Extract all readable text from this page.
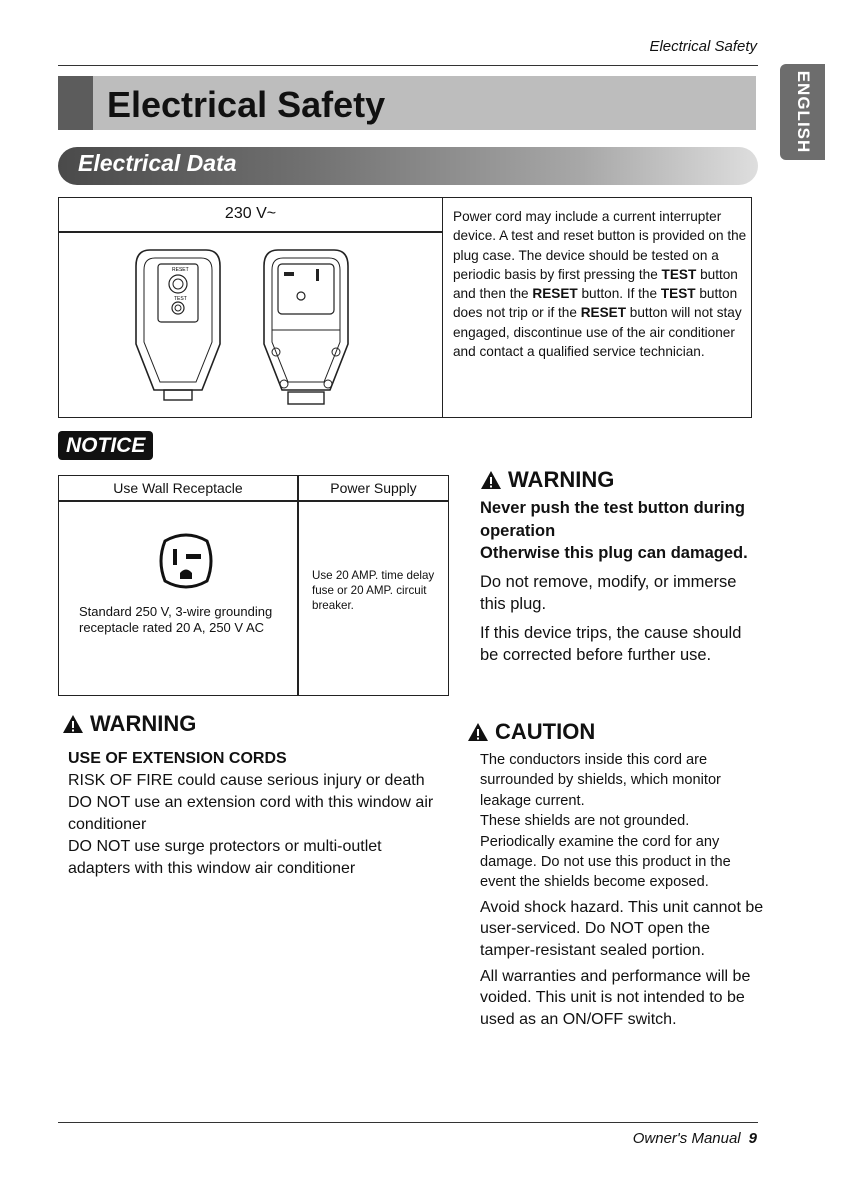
Electrical Safety
ENGLISH
Electrical Safety
Electrical Data
230 V~
RESET
TEST
Power cord may include a current interrupter device. A test and reset button is provided on the plug case. The device should be tested on a periodic basis by first pressing the TEST button and then the RESET button. If the TEST button does not trip or if the RESET button will not stay engaged, discontinue use of the air conditioner and contact a qualified service technician.
NOTICE
Use Wall Receptacle	Power Supply
Standard 250 V, 3-wire grounding receptacle rated 20 A, 250 V AC
Use 20 AMP. time delay fuse or 20 AMP. circuit breaker.
WARNING
Never push the test button during operation
Otherwise this plug can damaged.
Do not remove, modify, or immerse this plug.
If this device trips, the cause should be corrected before further use.
WARNING
USE OF EXTENSION CORDS
RISK OF FIRE could cause serious injury or death
DO NOT use an extension cord with this window air conditioner
DO NOT use surge protectors or multi-outlet adapters with this window air conditioner
CAUTION
The conductors inside this cord are surrounded by shields, which monitor leakage current.
These shields are not grounded.
Periodically examine the cord for any damage. Do not use this product in the event the shields become exposed.
Avoid shock hazard. This unit cannot be user-serviced. Do NOT open the tamper-resistant sealed portion.
All warranties and performance will be voided. This unit is not intended to be used as an ON/OFF switch.
Owner's Manual 9
